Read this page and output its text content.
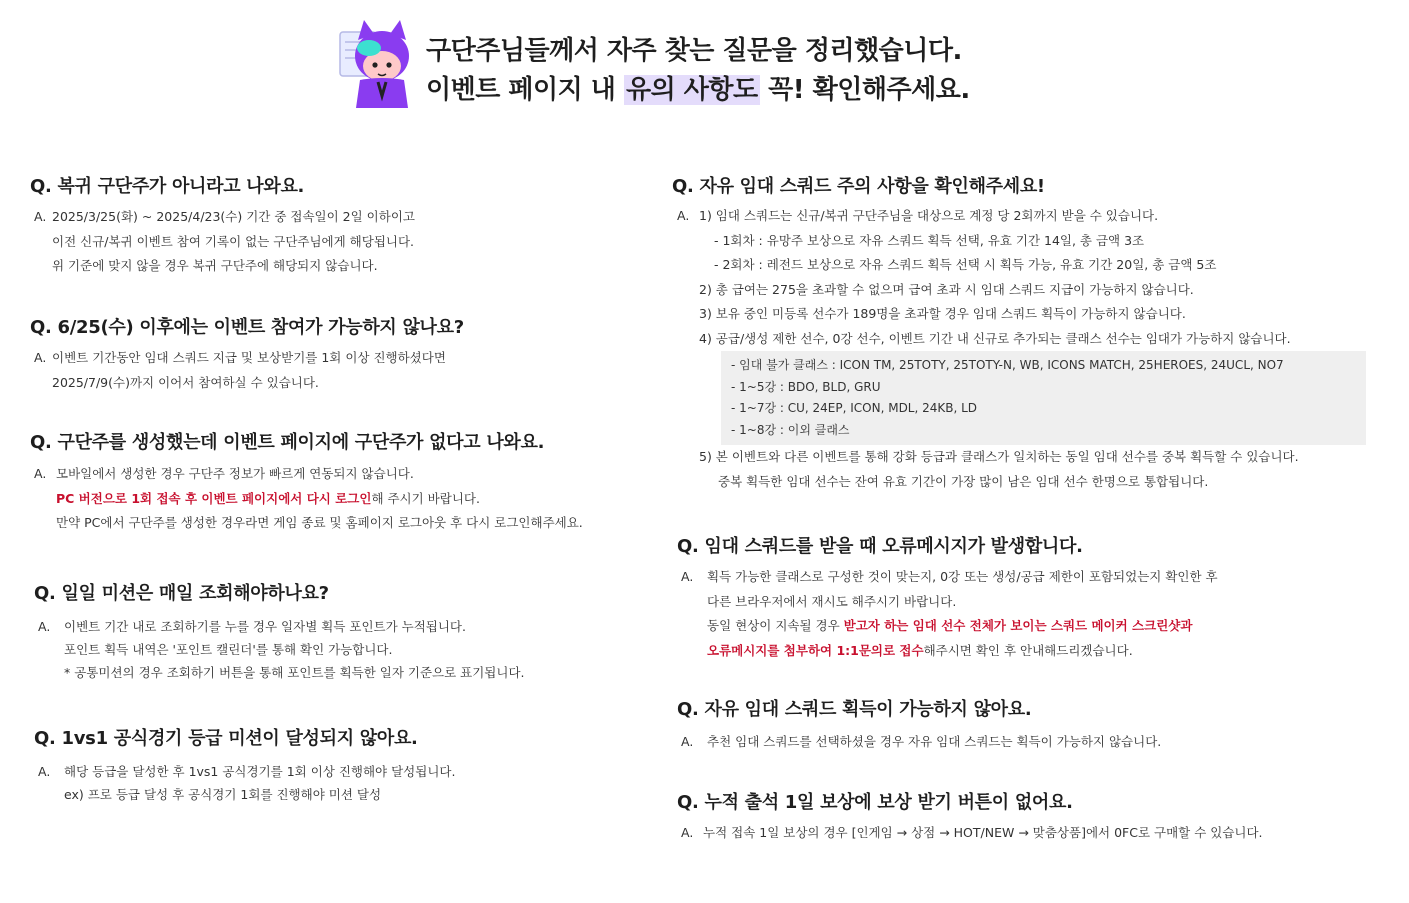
구단주님들께서 자주 찾는 질문을 정리했습니다.
이벤트 페이지 내 유의 사항도 꼭! 확인해주세요.
Q. 복귀 구단주가 아니라고 나와요.
A. 2025/3/25(화) ~ 2025/4/23(수) 기간 중 접속일이 2일 이하이고
이전 신규/복귀 이벤트 참여 기록이 없는 구단주님에게 해당됩니다.
위 기준에 맞지 않을 경우 복귀 구단주에 해당되지 않습니다.
Q. 6/25(수) 이후에는 이벤트 참여가 가능하지 않나요?
A. 이벤트 기간동안 임대 스쿼드 지급 및 보상받기를 1회 이상 진행하셨다면
2025/7/9(수)까지 이어서 참여하실 수 있습니다.
Q. 구단주를 생성했는데 이벤트 페이지에 구단주가 없다고 나와요.
A. 모바일에서 생성한 경우 구단주 정보가 빠르게 연동되지 않습니다.
PC 버전으로 1회 접속 후 이벤트 페이지에서 다시 로그인해 주시기 바랍니다.
만약 PC에서 구단주를 생성한 경우라면 게임 종료 및 홈페이지 로그아웃 후 다시 로그인해주세요.
Q. 일일 미션은 매일 조회해야하나요?
A. 이벤트 기간 내로 조회하기를 누를 경우 일자별 획득 포인트가 누적됩니다.
포인트 획득 내역은 '포인트 캘린더'를 통해 확인 가능합니다.
* 공통미션의 경우 조회하기 버튼을 통해 포인트를 획득한 일자 기준으로 표기됩니다.
Q. 1vs1 공식경기 등급 미션이 달성되지 않아요.
A. 해당 등급을 달성한 후 1vs1 공식경기를 1회 이상 진행해야 달성됩니다.
ex) 프로 등급 달성 후 공식경기 1회를 진행해야 미션 달성
Q. 자유 임대 스쿼드 주의 사항을 확인해주세요!
A. 1) 임대 스쿼드는 신규/복귀 구단주님을 대상으로 계정 당 2회까지 받을 수 있습니다.
- 1회차 : 유망주 보상으로 자유 스쿼드 획득 선택, 유효 기간 14일, 총 금액 3조
- 2회차 : 레전드 보상으로 자유 스쿼드 획득 선택 시 획득 가능, 유효 기간 20일, 총 금액 5조
2) 총 급여는 275을 초과할 수 없으며 급여 초과 시 임대 스쿼드 지급이 가능하지 않습니다.
3) 보유 중인 미등록 선수가 189명을 초과할 경우 임대 스쿼드 획득이 가능하지 않습니다.
4) 공급/생성 제한 선수, 0강 선수, 이벤트 기간 내 신규로 추가되는 클래스 선수는 임대가 가능하지 않습니다.
- 임대 불가 클래스 : ICON TM, 25TOTY, 25TOTY-N, WB, ICONS MATCH, 25HEROES, 24UCL, NO7
- 1~5강 : BDO, BLD, GRU
- 1~7강 : CU, 24EP, ICON, MDL, 24KB, LD
- 1~8강 : 이외 클래스
5) 본 이벤트와 다른 이벤트를 통해 강화 등급과 클래스가 일치하는 동일 임대 선수를 중복 획득할 수 있습니다.
중복 획득한 임대 선수는 잔여 유효 기간이 가장 많이 남은 임대 선수 한명으로 통합됩니다.
Q. 임대 스쿼드를 받을 때 오류메시지가 발생합니다.
A. 획득 가능한 클래스로 구성한 것이 맞는지, 0강 또는 생성/공급 제한이 포함되었는지 확인한 후
다른 브라우저에서 재시도 해주시기 바랍니다.
동일 현상이 지속될 경우 받고자 하는 임대 선수 전체가 보이는 스쿼드 메이커 스크린샷과
오류메시지를 첨부하여 1:1문의로 접수해주시면 확인 후 안내해드리겠습니다.
Q. 자유 임대 스쿼드 획득이 가능하지 않아요.
A. 추천 임대 스쿼드를 선택하셨을 경우 자유 임대 스쿼드는 획득이 가능하지 않습니다.
Q. 누적 출석 1일 보상에 보상 받기 버튼이 없어요.
A. 누적 접속 1일 보상의 경우 [인게임 → 상점 → HOT/NEW → 맞춤상품]에서 0FC로 구매할 수 있습니다.
